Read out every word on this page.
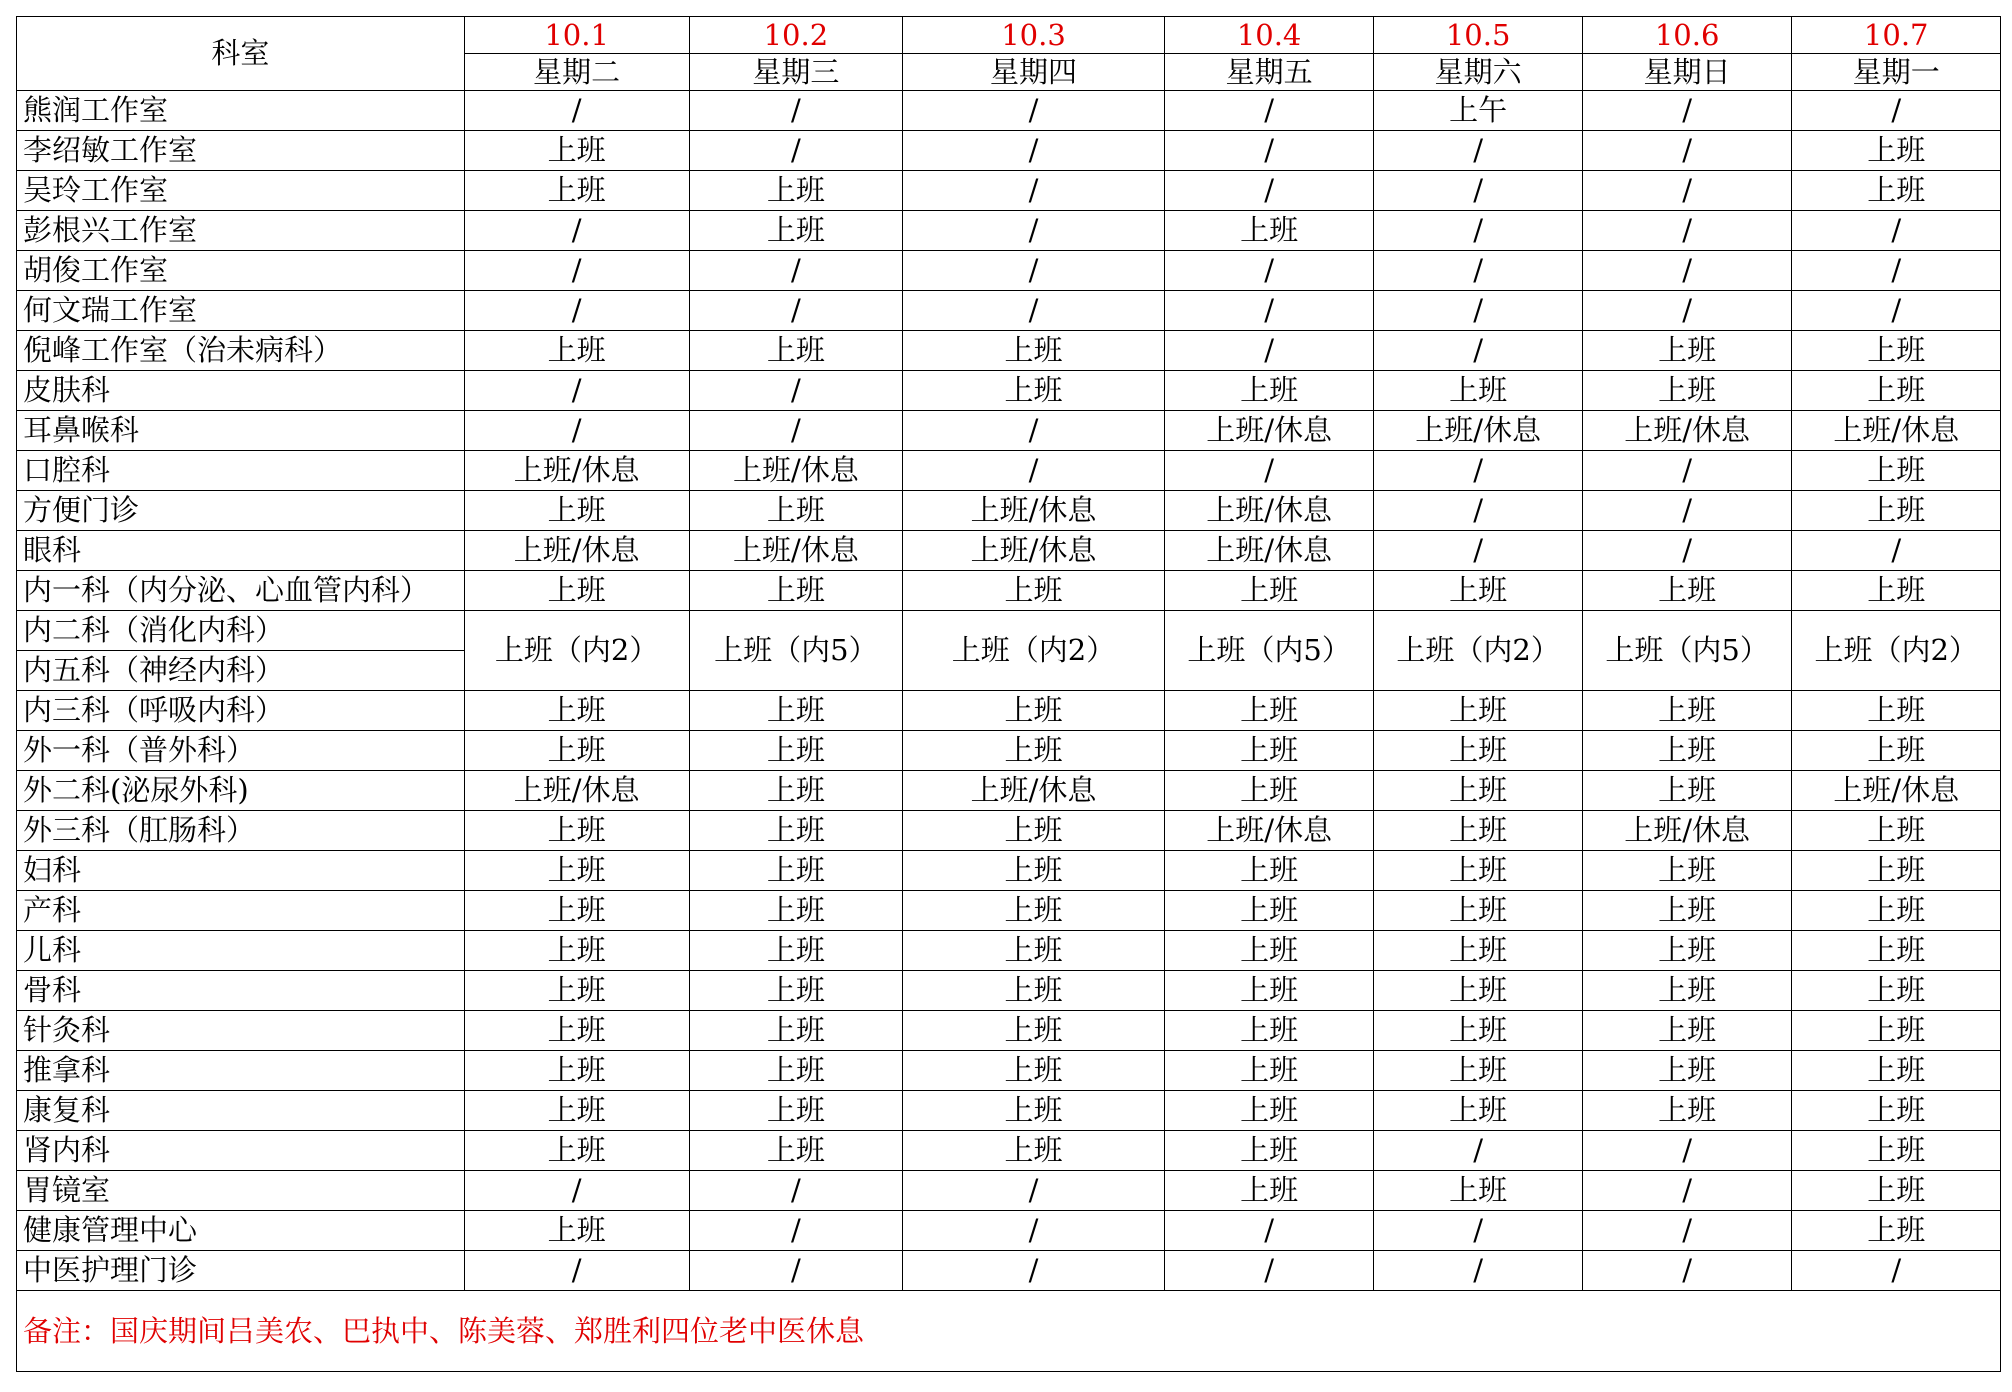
科室	10.1	10.2	10.3	10.4	10.5	10.6	10.7
	星期二	星期三	星期四	星期五	星期六	星期日	星期一
熊润工作室	/	/	/	/	上午	/	/
李绍敏工作室	上班	/	/	/	/	/	上班
吴玲工作室	上班	上班	/	/	/	/	上班
彭根兴工作室	/	上班	/	上班	/	/	/
胡俊工作室	/	/	/	/	/	/	/
何文瑞工作室	/	/	/	/	/	/	/
倪峰工作室（治未病科）	上班	上班	上班	/	/	上班	上班
皮肤科	/	/	上班	上班	上班	上班	上班
耳鼻喉科	/	/	/	上班/休息	上班/休息	上班/休息	上班/休息
口腔科	上班/休息	上班/休息	/	/	/	/	上班
方便门诊	上班	上班	上班/休息	上班/休息	/	/	上班
眼科	上班/休息	上班/休息	上班/休息	上班/休息	/	/	/
内一科（内分泌、心血管内科）	上班	上班	上班	上班	上班	上班	上班
内二科（消化内科）	上班（内2）	上班（内5）	上班（内2）	上班（内5）	上班（内2）	上班（内5）	上班（内2）
内五科（神经内科）							
内三科（呼吸内科）	上班	上班	上班	上班	上班	上班	上班
外一科（普外科）	上班	上班	上班	上班	上班	上班	上班
外二科(泌尿外科)	上班/休息	上班	上班/休息	上班	上班	上班	上班/休息
外三科（肛肠科）	上班	上班	上班	上班/休息	上班	上班/休息	上班
妇科	上班	上班	上班	上班	上班	上班	上班
产科	上班	上班	上班	上班	上班	上班	上班
儿科	上班	上班	上班	上班	上班	上班	上班
骨科	上班	上班	上班	上班	上班	上班	上班
针灸科	上班	上班	上班	上班	上班	上班	上班
推拿科	上班	上班	上班	上班	上班	上班	上班
康复科	上班	上班	上班	上班	上班	上班	上班
肾内科	上班	上班	上班	上班	/	/	上班
胃镜室	/	/	/	上班	上班	/	上班
健康管理中心	上班	/	/	/	/	/	上班
中医护理门诊	/	/	/	/	/	/	/
备注：国庆期间吕美农、巴执中、陈美蓉、郑胜利四位老中医休息							
